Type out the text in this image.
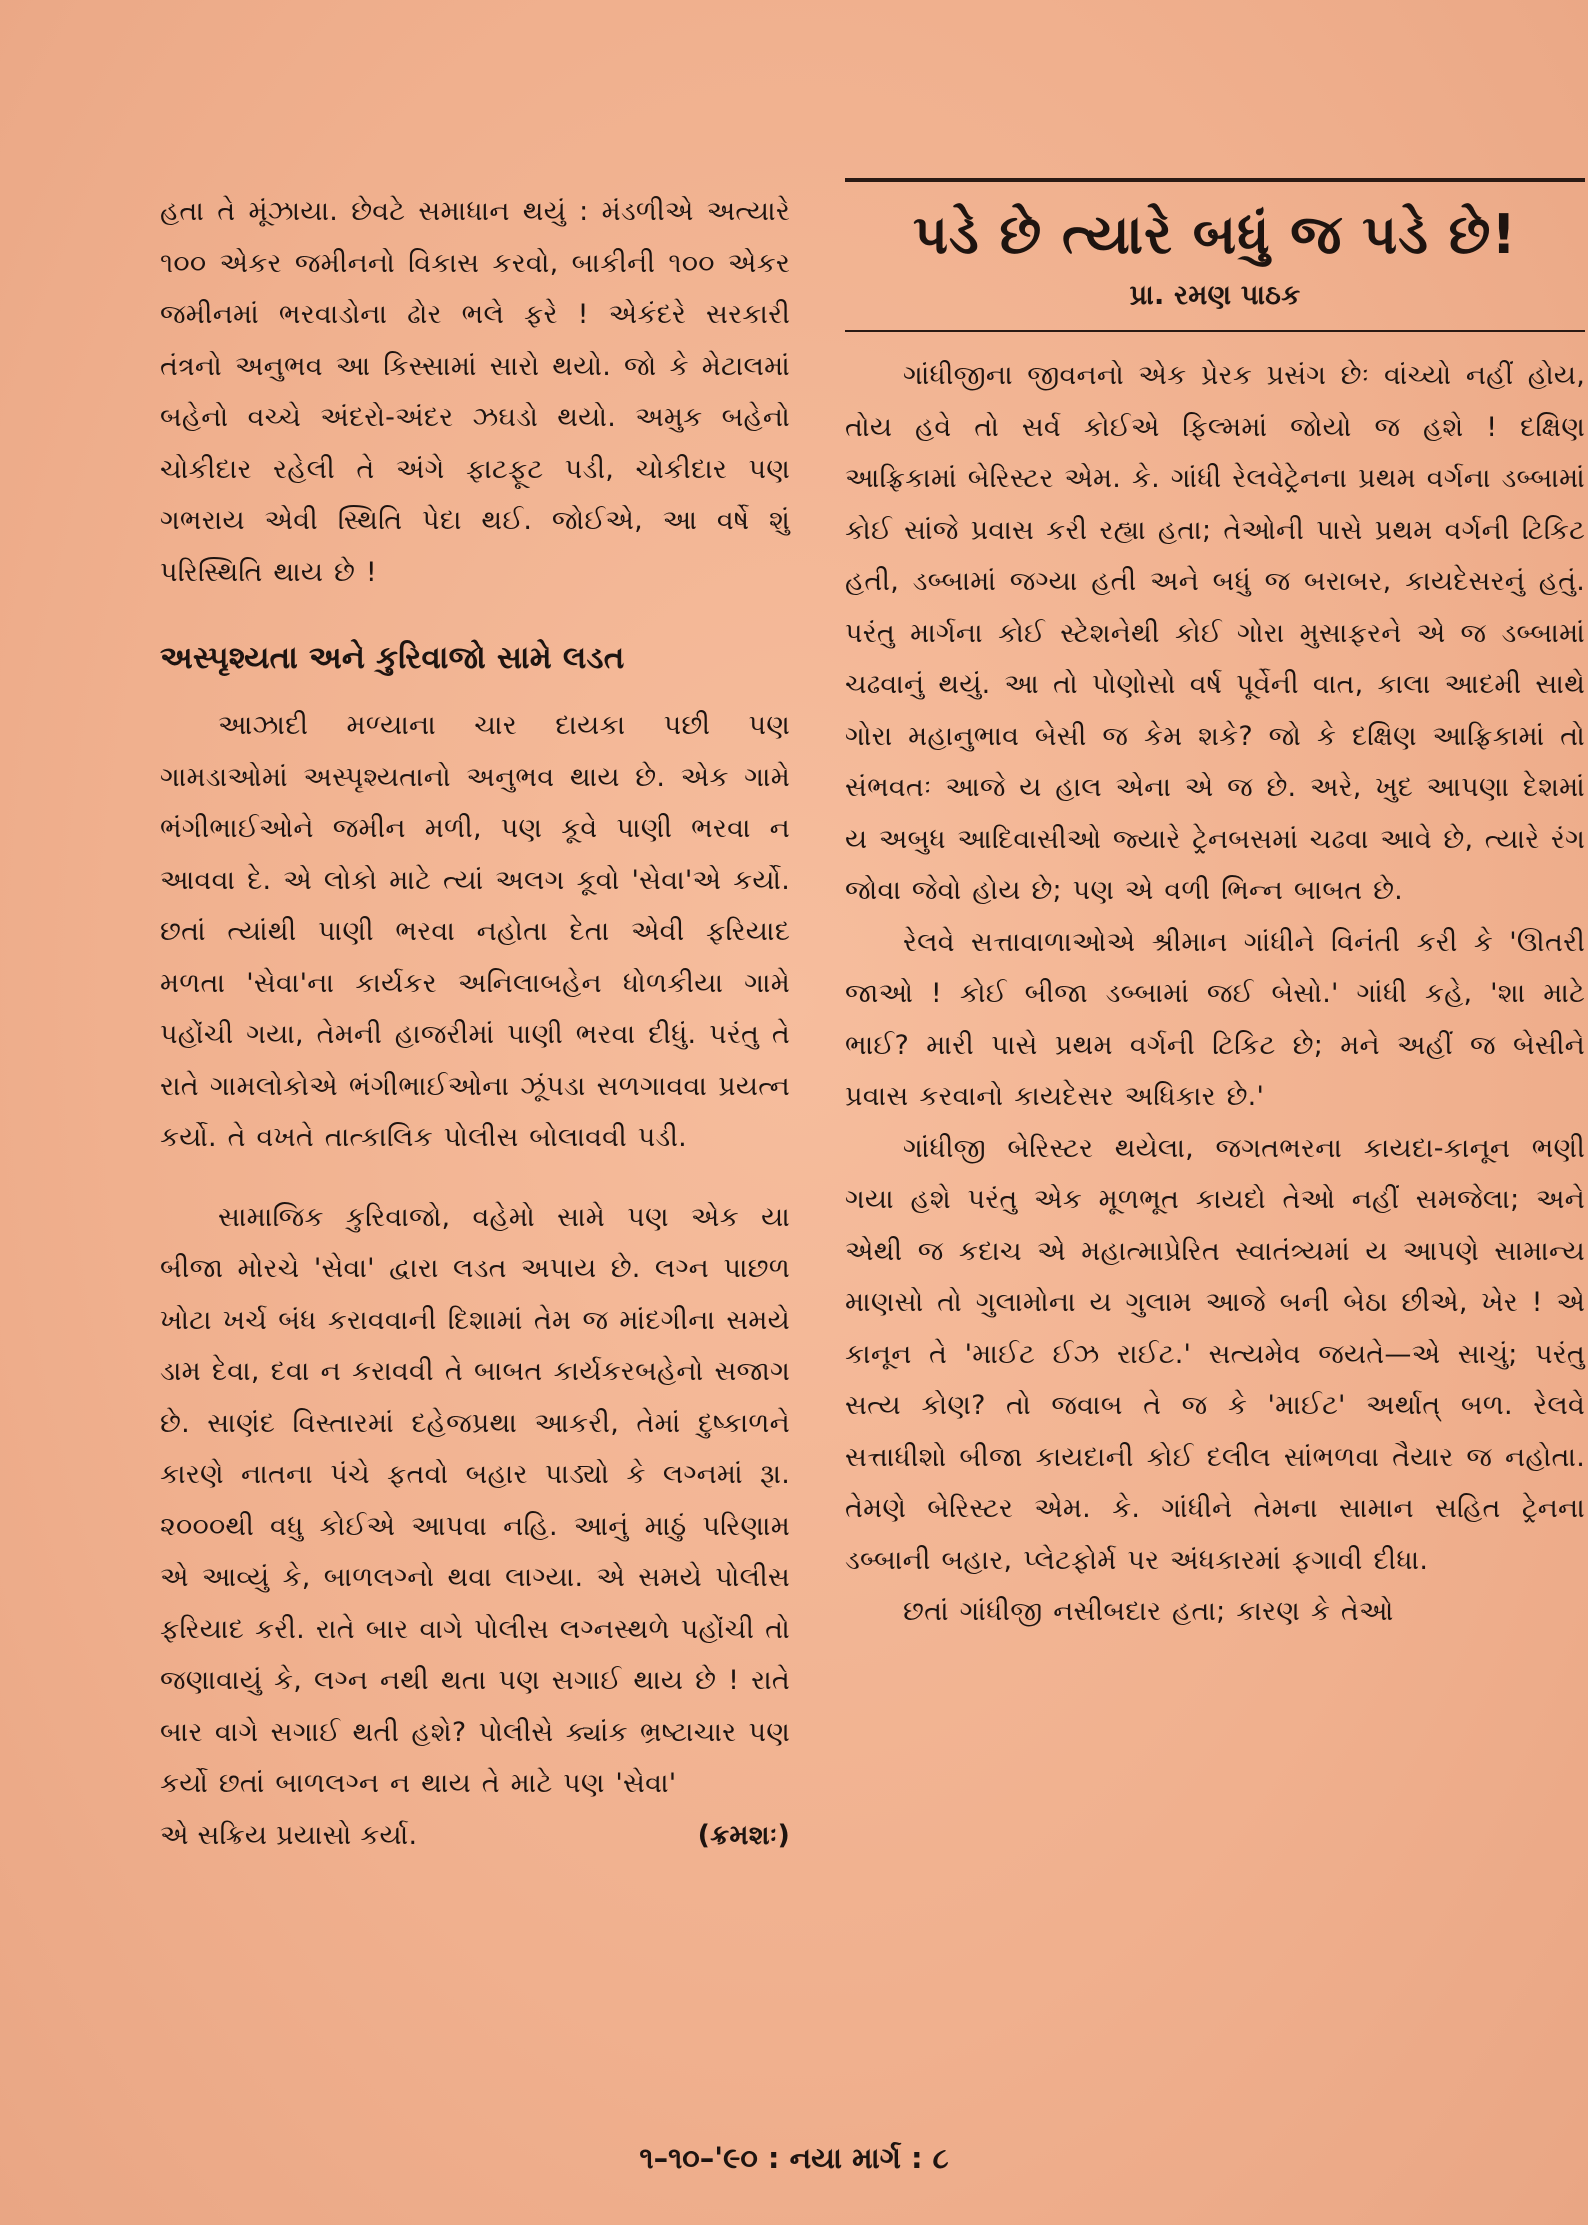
હતા તે મૂંઝાયા. છેવટે સમાધાન થયું : મંડળીએ અત્યારે ૧૦૦ એકર જમીનનો વિકાસ કરવો, બાકીની ૧૦૦ એકર જમીનમાં ભરવાડોના ઢોર ભલે ફરે ! એકંદરે સરકારી તંત્રનો અનુભવ આ કિસ્સામાં સારો થયો. જો કે મેટાલમાં બહેનો વચ્ચે અંદરો-અંદર ઝઘડો થયો. અમુક બહેનો ચોકીદાર રહેલી તે અંગે ફાટફૂટ પડી, ચોકીદાર પણ ગભરાય એવી સ્થિતિ પેદા થઈ. જોઈએ, આ વર્ષે શું પરિસ્થિતિ થાય છે !

અસ્પૃશ્યતા અને કુરિવાજો સામે લડત

આઝાદી મળ્યાના ચાર દાયકા પછી પણ ગામડાઓમાં અસ્પૃશ્યતાનો અનુભવ થાય છે. એક ગામે ભંગીભાઈઓને જમીન મળી, પણ કૂવે પાણી ભરવા ન આવવા દે. એ લોકો માટે ત્યાં અલગ કૂવો 'સેવા'એ કર્યો. છતાં ત્યાંથી પાણી ભરવા નહોતા દેતા એવી ફરિયાદ મળતા 'સેવા'ના કાર્યકર અનિલાબહેન ધોળકીયા ગામે પહોંચી ગયા, તેમની હાજરીમાં પાણી ભરવા દીધું. પરંતુ તે રાતે ગામલોકોએ ભંગીભાઈઓના ઝૂંપડા સળગાવવા પ્રયત્ન કર્યો. તે વખતે તાત્કાલિક પોલીસ બોલાવવી પડી.

સામાજિક કુરિવાજો, વહેમો સામે પણ એક યા બીજા મોરચે 'સેવા' દ્વારા લડત અપાય છે. લગ્ન પાછળ ખોટા ખર્ચ બંધ કરાવવાની દિશામાં તેમ જ માંદગીના સમયે ડામ દેવા, દવા ન કરાવવી તે બાબત કાર્યકરબહેનો સજાગ છે. સાણંદ વિસ્તારમાં દહેજપ્રથા આકરી, તેમાં દુષ્કાળને કારણે નાતના પંચે ફતવો બહાર પાડ્યો કે લગ્નમાં રૂા. ૨૦૦૦થી વધુ કોઈએ આપવા નહિ. આનું માઠું પરિણામ એ આવ્યું કે, બાળલગ્નો થવા લાગ્યા. એ સમયે પોલીસ ફરિયાદ કરી. રાતે બાર વાગે પોલીસ લગ્નસ્થળે પહોંચી તો જણાવાયું કે, લગ્ન નથી થતા પણ સગાઈ થાય છે ! રાતે બાર વાગે સગાઈ થતી હશે? પોલીસે ક્યાંક ભ્રષ્ટાચાર પણ કર્યો છતાં બાળલગ્ન ન થાય તે માટે પણ 'સેવા'

એ સક્રિય પ્રયાસો કર્યા.	(ક્રમશઃ)
પડે છે ત્યારે બધું જ પડે છે!
પ્રા. રમણ પાઠક

ગાંધીજીના જીવનનો એક પ્રેરક પ્રસંગ છેઃ વાંચ્યો નહીં હોય, તોય હવે તો સર્વ કોઈએ ફિલ્મમાં જોયો જ હશે ! દક્ષિણ આફ્રિકામાં બેરિસ્ટર એમ. કે. ગાંધી રેલવેટ્રેનના પ્રથમ વર્ગના ડબ્બામાં કોઈ સાંજે પ્રવાસ કરી રહ્યા હતા; તેઓની પાસે પ્રથમ વર્ગની ટિકિટ હતી, ડબ્બામાં જગ્યા હતી અને બધું જ બરાબર, કાયદેસરનું હતું. પરંતુ માર્ગના કોઈ સ્ટેશનેથી કોઈ ગોરા મુસાફરને એ જ ડબ્બામાં ચઢવાનું થયું. આ તો પોણોસો વર્ષ પૂર્વેની વાત, કાલા આદમી સાથે ગોરા મહાનુભાવ બેસી જ કેમ શકે? જો કે દક્ષિણ આફ્રિકામાં તો સંભવતઃ આજે ય હાલ એના એ જ છે. અરે, ખુદ આપણા દેશમાં ય અબુધ આદિવાસીઓ જ્યારે ટ્રેનબસમાં ચઢવા આવે છે, ત્યારે રંગ જોવા જેવો હોય છે; પણ એ વળી ભિન્ન બાબત છે.

રેલવે સત્તાવાળાઓએ શ્રીમાન ગાંધીને વિનંતી કરી કે 'ઊતરી જાઓ ! કોઈ બીજા ડબ્બામાં જઈ બેસો.' ગાંધી કહે, 'શા માટે ભાઈ? મારી પાસે પ્રથમ વર્ગની ટિકિટ છે; મને અહીં જ બેસીને પ્રવાસ કરવાનો કાયદેસર અધિકાર છે.'

ગાંધીજી બેરિસ્ટર થયેલા, જગતભરના કાયદા-કાનૂન ભણી ગયા હશે પરંતુ એક મૂળભૂત કાયદો તેઓ નહીં સમજેલા; અને એથી જ કદાચ એ મહાત્માપ્રેરિત સ્વાતંત્ર્યમાં ય આપણે સામાન્ય માણસો તો ગુલામોના ય ગુલામ આજે બની બેઠા છીએ, ખેર ! એ કાનૂન તે 'માઈટ ઈઝ રાઈટ.' સત્યમેવ જયતે—એ સાચું; પરંતુ સત્ય કોણ? તો જવાબ તે જ કે 'માઈટ' અર્થાત્ બળ. રેલવે સત્તાધીશો બીજા કાયદાની કોઈ દલીલ સાંભળવા તૈયાર જ નહોતા. તેમણે બેરિસ્ટર એમ. કે. ગાંધીને તેમના સામાન સહિત ટ્રેનના ડબ્બાની બહાર, પ્લેટફોર્મ પર અંધકારમાં ફગાવી દીધા.

છતાં ગાંધીજી નસીબદાર હતા; કારણ કે તેઓ

૧–૧૦–'૯૦ : નયા માર્ગ : ૮
